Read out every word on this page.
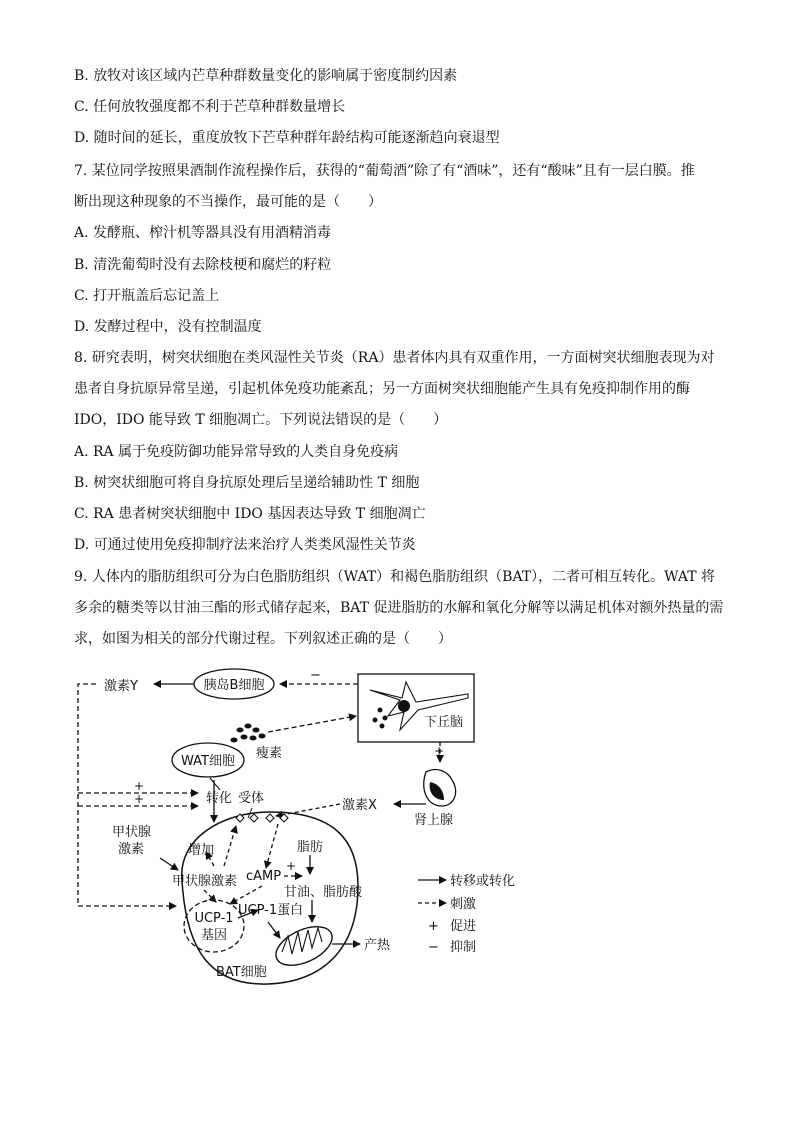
B. 放牧对该区域内芒草种群数量变化的影响属于密度制约因素
C. 任何放牧强度都不利于芒草种群数量增长
D. 随时间的延长，重度放牧下芒草种群年龄结构可能逐渐趋向衰退型
7. 某位同学按照果酒制作流程操作后，获得的“葡萄酒”除了有“酒味”，还有“酸味”且有一层白膜。推
断出现这种现象的不当操作，最可能的是（　　）
A. 发酵瓶、榨汁机等器具没有用酒精消毒
B. 清洗葡萄时没有去除枝梗和腐烂的籽粒
C. 打开瓶盖后忘记盖上
D. 发酵过程中，没有控制温度
8. 研究表明，树突状细胞在类风湿性关节炎（RA）患者体内具有双重作用，一方面树突状细胞表现为对
患者自身抗原异常呈递，引起机体免疫功能紊乱；另一方面树突状细胞能产生具有免疫抑制作用的酶
IDO，IDO 能导致 T 细胞凋亡。下列说法错误的是（　　）
A. RA 属于免疫防御功能异常导致的人类自身免疫病
B. 树突状细胞可将自身抗原处理后呈递给辅助性 T 细胞
C. RA 患者树突状细胞中 IDO 基因表达导致 T 细胞凋亡
D. 可通过使用免疫抑制疗法来治疗人类类风湿性关节炎
9. 人体内的脂肪组织可分为白色脂肪组织（WAT）和褐色脂肪组织（BAT），二者可相互转化。WAT 将
多余的糖类等以甘油三酯的形式储存起来，BAT 促进脂肪的水解和氧化分解等以满足机体对额外热量的需
求，如图为相关的部分代谢过程。下列叙述正确的是（　　）
激素Y	胰岛B细胞
下丘脑
−
瘦素
WAT细胞
+
肾上腺
激素X
+
+	转化 受体
甲状腺
激素	增加	脂肪
甲状腺激素 cAMP
+
甘油、脂肪酸
UCP-1
基因
UCP-1蛋白
产热
BAT细胞
转移或转化
刺激
+ 促进
− 抑制
